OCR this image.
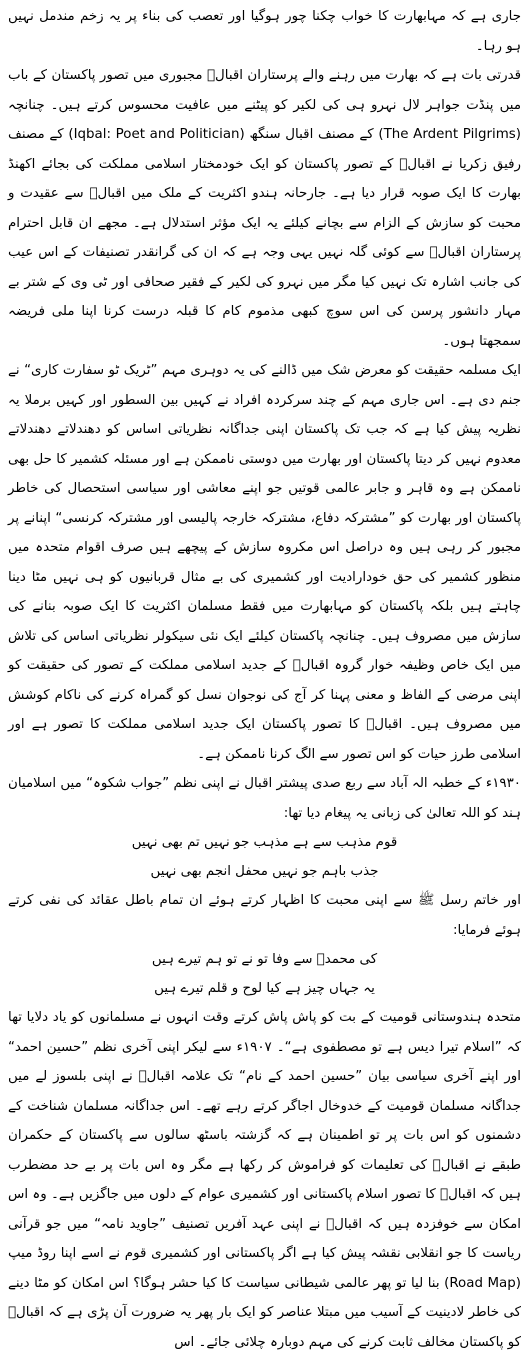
جاری ہے کہ مہابھارت کا خواب چکنا چور ہوگیا اور تعصب کی بناء پر یہ زخم مندمل نہیں ہو رہا۔

قدرتی بات ہے کہ بھارت میں رہنے والے پرستاران اقبالؒ مجبوری میں تصور پاکستان کے باب میں پنڈت جواہر لال نہرو ہی کی لکیر کو پیٹنے میں عافیت محسوس کرتے ہیں۔ چنانچہ (The Ardent Pilgrims) کے مصنف اقبال سنگھ (Iqbal: Poet and Politician) کے مصنف رفیق زکریا نے اقبالؒ کے تصور پاکستان کو ایک خودمختار اسلامی مملکت کی بجائے اکھنڈ بھارت کا ایک صوبہ قرار دیا ہے۔ جارحانہ ہندو اکثریت کے ملک میں اقبالؒ سے عقیدت و محبت کو سازش کے الزام سے بچانے کیلئے یہ ایک مؤثر استدلال ہے۔ مجھے ان قابل احترام پرستاران اقبالؒ سے کوئی گلہ نہیں یہی وجہ ہے کہ ان کی گرانقدر تصنیفات کے اس عیب کی جانب اشارہ تک نہیں کیا مگر میں نہرو کی لکیر کے فقیر صحافی اور ٹی وی کے شتر بے مہار دانشور پرسن کی اس سوچ کبھی مذموم کام کا قبلہ درست کرنا اپنا ملی فریضہ سمجھتا ہوں۔

ایک مسلمہ حقیقت کو معرض شک میں ڈالنے کی یہ دوہری مہم ”ٹریک ٹو سفارت کاری“ نے جنم دی ہے۔ اس جاری مہم کے چند سرکردہ افراد نے کہیں بین السطور اور کہیں برملا یہ نظریہ پیش کیا ہے کہ جب تک پاکستان اپنی جداگانہ نظریاتی اساس کو دھندلاتے دھندلاتے معدوم نہیں کر دیتا پاکستان اور بھارت میں دوستی ناممکن ہے اور مسئلہ کشمیر کا حل بھی ناممکن ہے وہ قاہر و جابر عالمی قوتیں جو اپنے معاشی اور سیاسی استحصال کی خاطر پاکستان اور بھارت کو ”مشترکہ دفاع، مشترکہ خارجہ پالیسی اور مشترکہ کرنسی“ اپنانے پر مجبور کر رہی ہیں وہ دراصل اس مکروہ سازش کے پیچھے ہیں صرف اقوام متحدہ میں منظور کشمیر کی حق خودارادیت اور کشمیری کی بے مثال قربانیوں کو ہی نہیں مٹا دینا چاہتے ہیں بلکہ پاکستان کو مہابھارت میں فقط مسلمان اکثریت کا ایک صوبہ بنانے کی سازش میں مصروف ہیں۔ چنانچہ پاکستان کیلئے ایک نئی سیکولر نظریاتی اساس کی تلاش میں ایک خاص وظیفہ خوار گروہ اقبالؒ کے جدید اسلامی مملکت کے تصور کی حقیقت کو اپنی مرضی کے الفاظ و معنی پہنا کر آج کی نوجوان نسل کو گمراہ کرنے کی ناکام کوشش میں مصروف ہیں۔ اقبالؒ کا تصور پاکستان ایک جدید اسلامی مملکت کا تصور ہے اور اسلامی طرز حیات کو اس تصور سے الگ کرنا ناممکن ہے۔

۱۹۳۰ء کے خطبہ الہ آباد سے ربع صدی پیشتر اقبال نے اپنی نظم ”جواب شکوہ“ میں اسلامیان ہند کو اللہ تعالیٰ کی زبانی یہ پیغام دیا تھا:

قوم مذہب سے ہے مذہب جو نہیں تم بھی نہیں
جذب باہم جو نہیں محفل انجم بھی نہیں

اور خاتم رسل ﷺ سے اپنی محبت کا اظہار کرتے ہوئے ان تمام باطل عقائد کی نفی کرتے ہوئے فرمایا:

کی محمدؐ سے وفا تو نے تو ہم تیرے ہیں
یہ جہاں چیز ہے کیا لوح و قلم تیرے ہیں

متحدہ ہندوستانی قومیت کے بت کو پاش پاش کرتے وقت انہوں نے مسلمانوں کو یاد دلایا تھا کہ ”اسلام تیرا دیس ہے تو مصطفوی ہے“۔ ۱۹۰۷ء سے لیکر اپنی آخری نظم ”حسین احمد“ اور اپنے آخری سیاسی بیان ”حسین احمد کے نام“ تک علامہ اقبالؒ نے اپنی بلسوز لے میں جداگانہ مسلمان قومیت کے خدوخال اجاگر کرتے رہے تھے۔ اس جداگانہ مسلمان شناخت کے دشمنوں کو اس بات پر تو اطمینان ہے کہ گزشتہ باسٹھ سالوں سے پاکستان کے حکمران طبقے نے اقبالؒ کی تعلیمات کو فراموش کر رکھا ہے مگر وہ اس بات پر بے حد مضطرب ہیں کہ اقبالؒ کا تصور اسلام پاکستانی اور کشمیری عوام کے دلوں میں جاگزیں ہے۔ وہ اس امکان سے خوفزدہ ہیں کہ اقبالؒ نے اپنی عہد آفریں تصنیف ”جاوید نامہ“ میں جو قرآنی ریاست کا جو انقلابی نقشہ پیش کیا ہے اگر پاکستانی اور کشمیری قوم نے اسے اپنا روڈ میپ (Road Map) بنا لیا تو پھر عالمی شیطانی سیاست کا کیا حشر ہوگا؟ اس امکان کو مٹا دینے کی خاطر لادینیت کے آسیب میں مبتلا عناصر کو ایک بار پھر یہ ضرورت آن پڑی ہے کہ اقبالؒ کو پاکستان مخالف ثابت کرنے کی مہم دوبارہ چلائی جائے۔ اس
